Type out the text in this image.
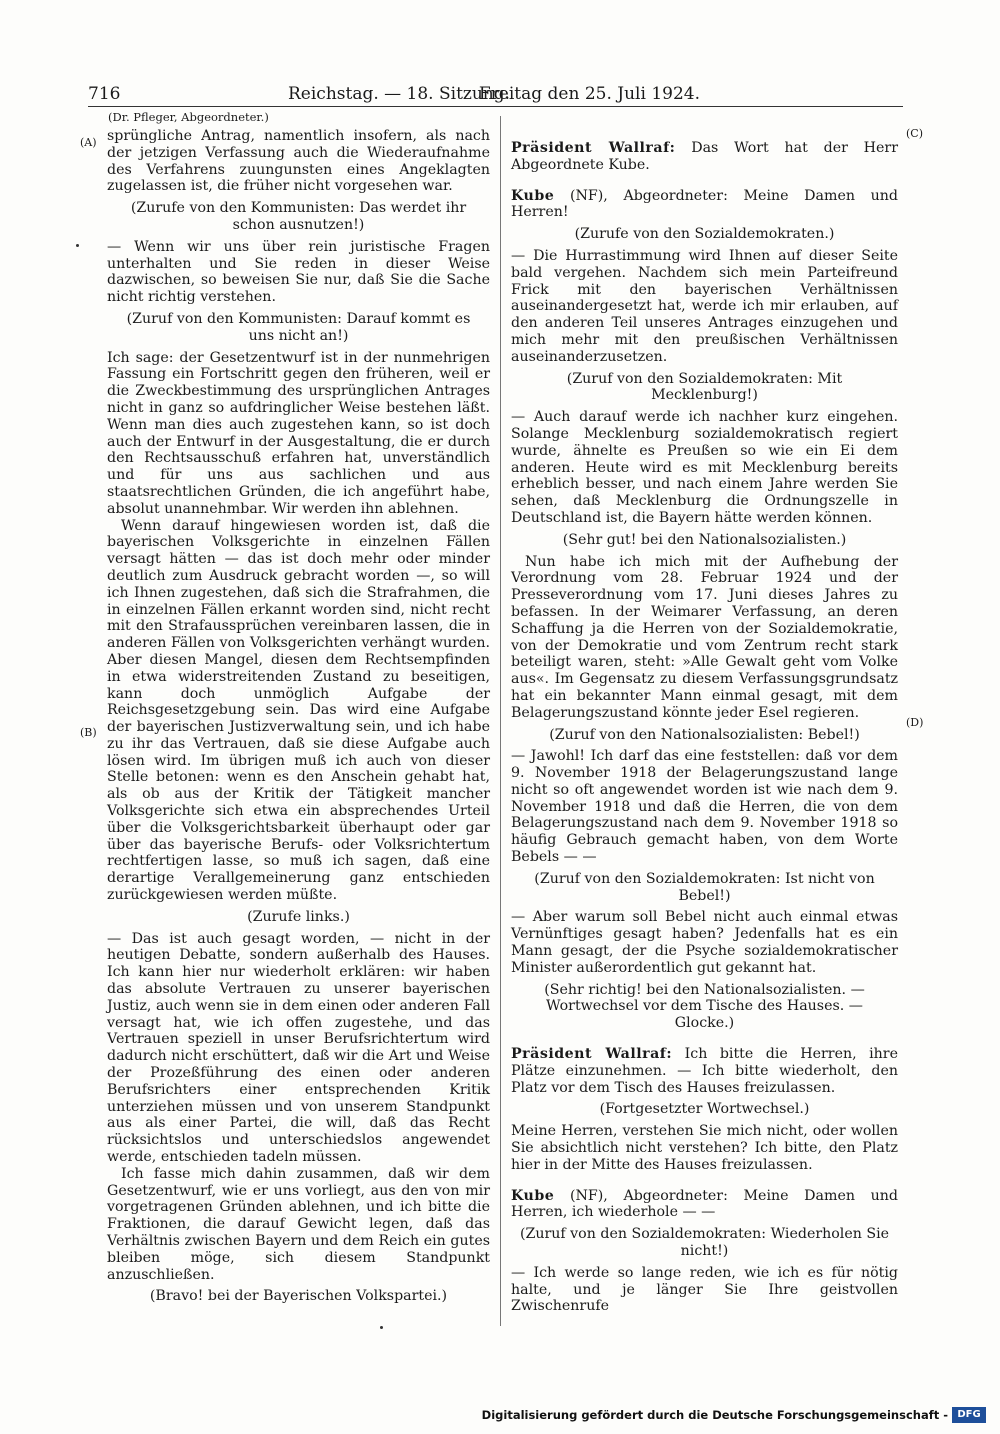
716	Reichstag. — 18. Sitzung.
Freitag den 25. Juli 1924.
(Dr. Pfleger, Abgeordneter.)
(A)
(B)
(C)
(D)

sprüngliche Antrag, namentlich insofern, als nach der jetzigen Verfassung auch die Wiederaufnahme des Verfahrens zuungunsten eines Angeklagten zugelassen ist, die früher nicht vorgesehen war.

(Zurufe von den Kommunisten: Das werdet ihr schon ausnutzen!)

— Wenn wir uns über rein juristische Fragen unterhalten und Sie reden in dieser Weise dazwischen, so beweisen Sie nur, daß Sie die Sache nicht richtig verstehen.

(Zuruf von den Kommunisten: Darauf kommt es uns nicht an!)

Ich sage: der Gesetzentwurf ist in der nunmehrigen Fassung ein Fortschritt gegen den früheren, weil er die Zweckbestimmung des ursprünglichen Antrages nicht in ganz so aufdringlicher Weise bestehen läßt. Wenn man dies auch zugestehen kann, so ist doch auch der Entwurf in der Ausgestaltung, die er durch den Rechtsausschuß erfahren hat, unverständlich und für uns aus sachlichen und aus staatsrechtlichen Gründen, die ich angeführt habe, absolut unannehmbar. Wir werden ihn ablehnen.

Wenn darauf hingewiesen worden ist, daß die bayerischen Volksgerichte in einzelnen Fällen versagt hätten — das ist doch mehr oder minder deutlich zum Ausdruck gebracht worden —, so will ich Ihnen zugestehen, daß sich die Strafrahmen, die in einzelnen Fällen erkannt worden sind, nicht recht mit den Strafaussprüchen vereinbaren lassen, die in anderen Fällen von Volksgerichten verhängt wurden. Aber diesen Mangel, diesen dem Rechtsempfinden in etwa widerstreitenden Zustand zu beseitigen, kann doch unmöglich Aufgabe der Reichsgesetzgebung sein. Das wird eine Aufgabe der bayerischen Justizverwaltung sein, und ich habe zu ihr das Vertrauen, daß sie diese Aufgabe auch lösen wird. Im übrigen muß ich auch von dieser Stelle betonen: wenn es den Anschein gehabt hat, als ob aus der Kritik der Tätigkeit mancher Volksgerichte sich etwa ein absprechendes Urteil über die Volksgerichtsbarkeit überhaupt oder gar über das bayerische Berufs- oder Volksrichtertum rechtfertigen lasse, so muß ich sagen, daß eine derartige Verallgemeinerung ganz entschieden zurückgewiesen werden müßte.

(Zurufe links.)

— Das ist auch gesagt worden, — nicht in der heutigen Debatte, sondern außerhalb des Hauses. Ich kann hier nur wiederholt erklären: wir haben das absolute Vertrauen zu unserer bayerischen Justiz, auch wenn sie in dem einen oder anderen Fall versagt hat, wie ich offen zugestehe, und das Vertrauen speziell in unser Berufsrichtertum wird dadurch nicht erschüttert, daß wir die Art und Weise der Prozeßführung des einen oder anderen Berufsrichters einer entsprechenden Kritik unterziehen müssen und von unserem Standpunkt aus als einer Partei, die will, daß das Recht rücksichtslos und unterschiedslos angewendet werde, entschieden tadeln müssen.

Ich fasse mich dahin zusammen, daß wir dem Gesetzentwurf, wie er uns vorliegt, aus den von mir vorgetragenen Gründen ablehnen, und ich bitte die Fraktionen, die darauf Gewicht legen, daß das Verhältnis zwischen Bayern und dem Reich ein gutes bleiben möge, sich diesem Standpunkt anzuschließen.

(Bravo! bei der Bayerischen Volkspartei.)

Präsident Wallraf: Das Wort hat der Herr Abgeordnete Kube.

Kube (NF), Abgeordneter: Meine Damen und Herren!

(Zurufe von den Sozialdemokraten.)

— Die Hurrastimmung wird Ihnen auf dieser Seite bald vergehen. Nachdem sich mein Parteifreund Frick mit den bayerischen Verhältnissen auseinandergesetzt hat, werde ich mir erlauben, auf den anderen Teil unseres Antrages einzugehen und mich mehr mit den preußischen Verhältnissen auseinanderzusetzen.

(Zuruf von den Sozialdemokraten: Mit Mecklenburg!)

— Auch darauf werde ich nachher kurz eingehen. Solange Mecklenburg sozialdemokratisch regiert wurde, ähnelte es Preußen so wie ein Ei dem anderen. Heute wird es mit Mecklenburg bereits erheblich besser, und nach einem Jahre werden Sie sehen, daß Mecklenburg die Ordnungszelle in Deutschland ist, die Bayern hätte werden können.

(Sehr gut! bei den Nationalsozialisten.)

Nun habe ich mich mit der Aufhebung der Verordnung vom 28. Februar 1924 und der Presseverordnung vom 17. Juni dieses Jahres zu befassen. In der Weimarer Verfassung, an deren Schaffung ja die Herren von der Sozialdemokratie, von der Demokratie und vom Zentrum recht stark beteiligt waren, steht: »Alle Gewalt geht vom Volke aus«. Im Gegensatz zu diesem Verfassungsgrundsatz hat ein bekannter Mann einmal gesagt, mit dem Belagerungszustand könnte jeder Esel regieren.

(Zuruf von den Nationalsozialisten: Bebel!)

— Jawohl! Ich darf das eine feststellen: daß vor dem 9. November 1918 der Belagerungszustand lange nicht so oft angewendet worden ist wie nach dem 9. November 1918 und daß die Herren, die von dem Belagerungszustand nach dem 9. November 1918 so häufig Gebrauch gemacht haben, von dem Worte Bebels — —

(Zuruf von den Sozialdemokraten: Ist nicht von Bebel!)

— Aber warum soll Bebel nicht auch einmal etwas Vernünftiges gesagt haben? Jedenfalls hat es ein Mann gesagt, der die Psyche sozialdemokratischer Minister außerordentlich gut gekannt hat.

(Sehr richtig! bei den Nationalsozialisten. — Wortwechsel vor dem Tische des Hauses. — Glocke.)

Präsident Wallraf: Ich bitte die Herren, ihre Plätze einzunehmen. — Ich bitte wiederholt, den Platz vor dem Tisch des Hauses freizulassen.

(Fortgesetzter Wortwechsel.)

Meine Herren, verstehen Sie mich nicht, oder wollen Sie absichtlich nicht verstehen? Ich bitte, den Platz hier in der Mitte des Hauses freizulassen.

Kube (NF), Abgeordneter: Meine Damen und Herren, ich wiederhole — —

(Zuruf von den Sozialdemokraten: Wiederholen Sie nicht!)

— Ich werde so lange reden, wie ich es für nötig halte, und je länger Sie Ihre geistvollen Zwischenrufe

Digitalisierung gefördert durch die Deutsche Forschungsgemeinschaft - DFG
